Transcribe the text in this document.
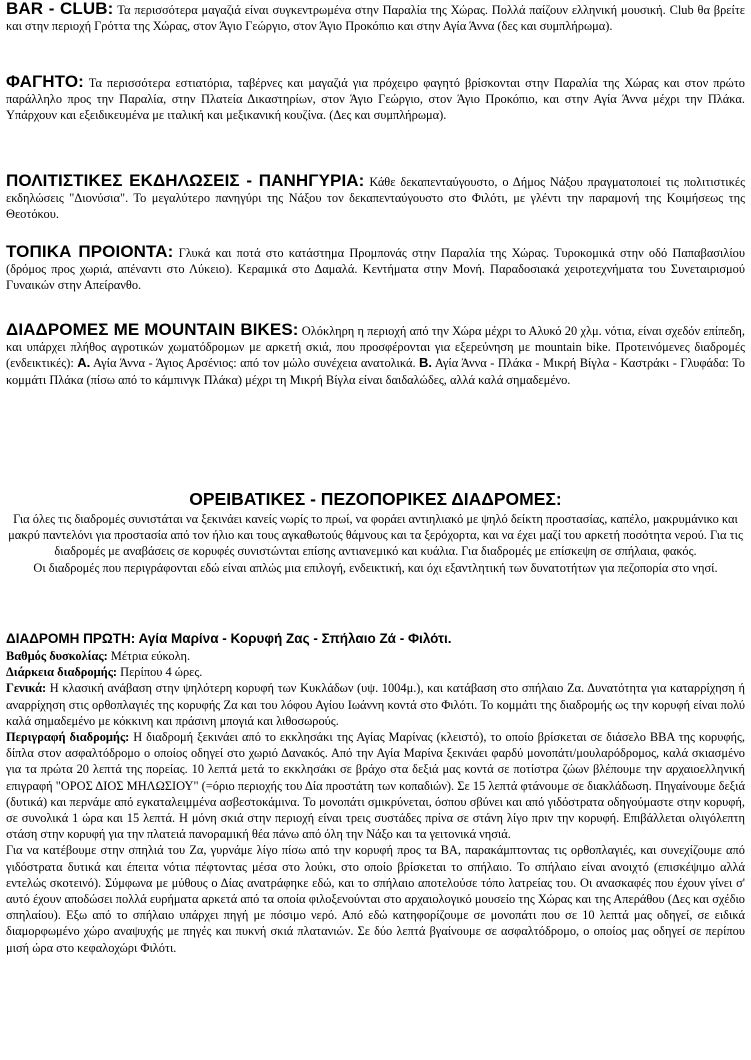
BAR - CLUB: Τα περισσότερα μαγαζιά είναι συγκεντρωμένα στην Παραλία της Χώρας. Πολλά παίζουν ελληνική μουσική. Club θα βρείτε και στην περιοχή Γρόττα της Χώρας, στον Άγιο Γεώργιο, στον Άγιο Προκόπιο και στην Αγία Άννα (δες και συμπλήρωμα).

ΦΑΓΗΤΟ: Τα περισσότερα εστιατόρια, ταβέρνες και μαγαζιά για πρόχειρο φαγητό βρίσκονται στην Παραλία της Χώρας και στον πρώτο παράλληλο προς την Παραλία, στην Πλατεία Δικαστηρίων, στον Άγιο Γεώργιο, στον Άγιο Προκόπιο, και στην Αγία Άννα μέχρι την Πλάκα. Υπάρχουν και εξειδικευμένα με ιταλική και μεξικανική κουζίνα. (Δες και συμπλήρωμα).

ΠΟΛΙΤΙΣΤΙΚΕΣ ΕΚΔΗΛΩΣΕΙΣ - ΠΑΝΗΓΥΡΙΑ: Κάθε δεκαπενταύγουστο, ο Δήμος Νάξου πραγματοποιεί τις πολιτιστικές εκδηλώσεις "Διονύσια". Το μεγαλύτερο πανηγύρι της Νάξου τον δεκαπενταύγουστο στο Φιλότι, με γλέντι την παραμονή της Κοιμήσεως της Θεοτόκου.

ΤΟΠΙΚΑ ΠΡΟΙΟΝΤΑ: Γλυκά και ποτά στο κατάστημα Προμπονάς στην Παραλία της Χώρας. Τυροκομικά στην οδό Παπαβασιλίου (δρόμος προς χωριά, απέναντι στο Λύκειο). Κεραμικά στο Δαμαλά. Κεντήματα στην Μονή. Παραδοσιακά χειροτεχνήματα του Συνεταιρισμού Γυναικών στην Απείρανθο.

ΔΙΑΔΡΟΜΕΣ ΜΕ MOUNTAIN BIKES: Ολόκληρη η περιοχή από την Χώρα μέχρι το Αλυκό 20 χλμ. νότια, είναι σχεδόν επίπεδη, και υπάρχει πλήθος αγροτικών χωματόδρομων με αρκετή σκιά, που προσφέρονται για εξερεύνηση με mountain bike. Προτεινόμενες διαδρομές (ενδεικτικές): Α. Αγία Άννα - Άγιος Αρσένιος: από τον μώλο συνέχεια ανατολικά. Β. Αγία Άννα - Πλάκα - Μικρή Βίγλα - Καστράκι - Γλυφάδα: Το κομμάτι Πλάκα (πίσω από το κάμπινγκ Πλάκα) μέχρι τη Μικρή Βίγλα είναι δαιδαλώδες, αλλά καλά σημαδεμένο.

ΟΡΕΙΒΑΤΙΚΕΣ - ΠΕΖΟΠΟΡΙΚΕΣ ΔΙΑΔΡΟΜΕΣ:

Για όλες τις διαδρομές συνιστάται να ξεκινάει κανείς νωρίς το πρωί, να φοράει αντιηλιακό με ψηλό δείκτη προστασίας, καπέλο, μακρυμάνικο και μακρύ παντελόνι για προστασία από τον ήλιο και τους αγκαθωτούς θάμνους και τα ξερόχορτα, και να έχει μαζί του αρκετή ποσότητα νερού. Για τις διαδρομές με αναβάσεις σε κορυφές συνιστώνται επίσης αντιανεμικό και κυάλια. Για διαδρομές με επίσκεψη σε σπήλαια, φακός.

Οι διαδρομές που περιγράφονται εδώ είναι απλώς μια επιλογή, ενδεικτική, και όχι εξαντλητική των δυνατοτήτων για πεζοπορία στο νησί.

ΔΙΑΔΡΟΜΗ ΠΡΩΤΗ: Αγία Μαρίνα - Κορυφή Ζας - Σπήλαιο Ζά - Φιλότι.

Βαθμός δυσκολίας: Μέτρια εύκολη.

Διάρκεια διαδρομής: Περίπου 4 ώρες.

Γενικά: Η κλασική ανάβαση στην ψηλότερη κορυφή των Κυκλάδων (υψ. 1004μ.), και κατάβαση στο σπήλαιο Ζα. Δυνατότητα για καταρρίχηση ή αναρρίχηση στις ορθοπλαγιές της κορυφής Ζα και του λόφου Αγίου Ιωάννη κοντά στο Φιλότι. Το κομμάτι της διαδρομής ως την κορυφή είναι πολύ καλά σημαδεμένο με κόκκινη και πράσινη μπογιά και λιθοσωρούς.

Περιγραφή διαδρομής: Η διαδρομή ξεκινάει από το εκκλησάκι της Αγίας Μαρίνας (κλειστό), το οποίο βρίσκεται σε διάσελο ΒΒΑ της κορυφής, δίπλα στον ασφαλτόδρομο ο οποίος οδηγεί στο χωριό Δανακός. Από την Αγία Μαρίνα ξεκινάει φαρδύ μονοπάτι/μουλαρόδρομος, καλά σκιασμένο για τα πρώτα 20 λεπτά της πορείας. 10 λεπτά μετά το εκκλησάκι σε βράχο στα δεξιά μας κοντά σε ποτίστρα ζώων βλέπουμε την αρχαιοελληνική επιγραφή "ΟΡΟΣ ΔΙΟΣ ΜΗΛΩΣΙΟΥ" (=όριο περιοχής του Δία προστάτη των κοπαδιών). Σε 15 λεπτά φτάνουμε σε διακλάδωση. Πηγαίνουμε δεξιά (δυτικά) και περνάμε από εγκαταλειμμένα ασβεστοκάμινα. Το μονοπάτι σμικρύνεται, όσπου σβύνει και από γιδόστρατα οδηγούμαστε στην κορυφή, σε συνολικά 1 ώρα και 15 λεπτά. Η μόνη σκιά στην περιοχή είναι τρεις συστάδες πρίνα σε στάνη λίγο πριν την κορυφή. Επιβάλλεται ολιγόλεπτη στάση στην κορυφή για την πλατειά πανοραμική θέα πάνω από όλη την Νάξο και τα γειτονικά νησιά.

Για να κατέβουμε στην σπηλιά του Ζα, γυρνάμε λίγο πίσω από την κορυφή προς τα ΒΑ, παρακάμπτοντας τις ορθοπλαγιές, και συνεχίζουμε από γιδόστρατα δυτικά και έπειτα νότια πέφτοντας μέσα στο λούκι, στο οποίο βρίσκεται το σπήλαιο. Το σπήλαιο είναι ανοιχτό (επισκέψιμο αλλά εντελώς σκοτεινό). Σύμφωνα με μύθους ο Δίας ανατράφηκε εδώ, και το σπήλαιο αποτελούσε τόπο λατρείας του. Οι ανασκαφές που έχουν γίνει σ' αυτό έχουν αποδώσει πολλά ευρήματα αρκετά από τα οποία φιλοξενούνται στο αρχαιολογικό μουσείο της Χώρας και της Απεράθου (Δες και σχέδιο σπηλαίου). Εξω από το σπήλαιο υπάρχει πηγή με πόσιμο νερό. Από εδώ κατηφορίζουμε σε μονοπάτι που σε 10 λεπτά μας οδηγεί, σε ειδικά διαμορφωμένο χώρο αναψυχής με πηγές και πυκνή σκιά πλατανιών. Σε δύο λεπτά βγαίνουμε σε ασφαλτόδρομο, ο οποίος μας οδηγεί σε περίπου μισή ώρα στο κεφαλοχώρι Φιλότι.
